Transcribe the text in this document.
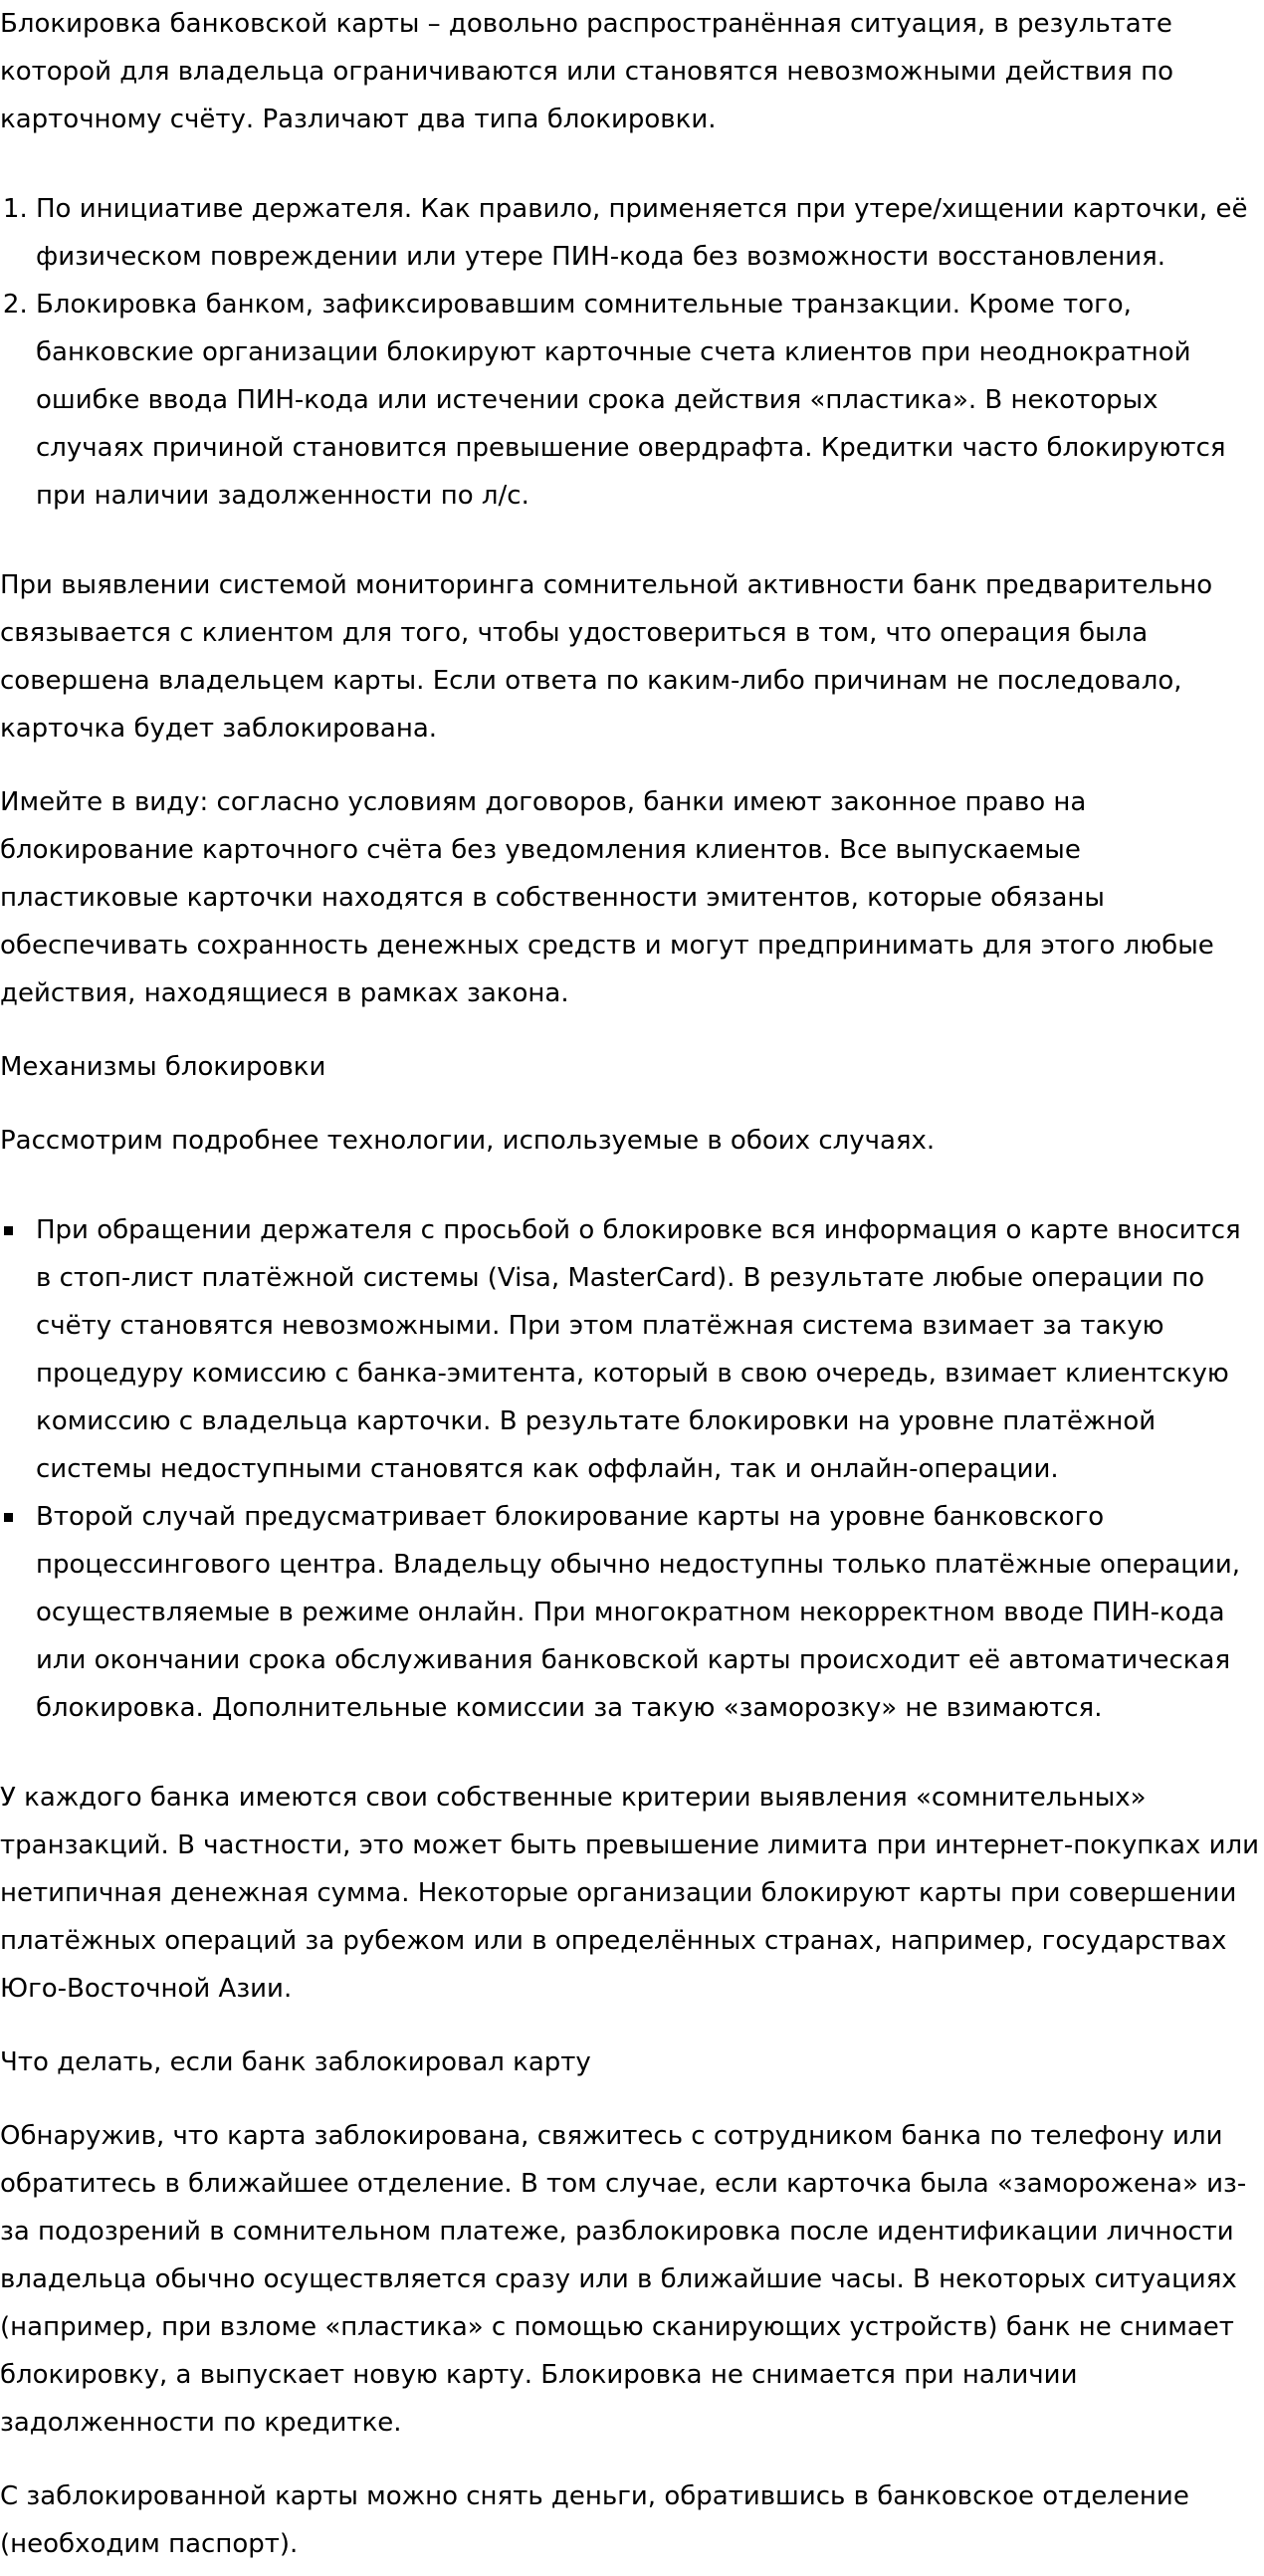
Блокировка банковской карты – довольно распространённая ситуация, в результате которой для владельца ограничиваются или становятся невозможными действия по карточному счёту. Различают два типа блокировки.

1. По инициативе держателя. Как правило, применяется при утере/хищении карточки, её физическом повреждении или утере ПИН-кода без возможности восстановления.
2. Блокировка банком, зафиксировавшим сомнительные транзакции. Кроме того, банковские организации блокируют карточные счета клиентов при неоднократной ошибке ввода ПИН-кода или истечении срока действия «пластика». В некоторых случаях причиной становится превышение овердрафта. Кредитки часто блокируются при наличии задолженности по л/с.

При выявлении системой мониторинга сомнительной активности банк предварительно связывается с клиентом для того, чтобы удостовериться в том, что операция была совершена владельцем карты. Если ответа по каким-либо причинам не последовало, карточка будет заблокирована.

Имейте в виду: согласно условиям договоров, банки имеют законное право на блокирование карточного счёта без уведомления клиентов. Все выпускаемые пластиковые карточки находятся в собственности эмитентов, которые обязаны обеспечивать сохранность денежных средств и могут предпринимать для этого любые действия, находящиеся в рамках закона.

Механизмы блокировки

Рассмотрим подробнее технологии, используемые в обоих случаях.

При обращении держателя с просьбой о блокировке вся информация о карте вносится в стоп-лист платёжной системы (Visa, MasterCard). В результате любые операции по счёту становятся невозможными. При этом платёжная система взимает за такую процедуру комиссию с банка-эмитента, который в свою очередь, взимает клиентскую комиссию с владельца карточки. В результате блокировки на уровне платёжной системы недоступными становятся как оффлайн, так и онлайн-операции.
Второй случай предусматривает блокирование карты на уровне банковского процессингового центра. Владельцу обычно недоступны только платёжные операции, осуществляемые в режиме онлайн. При многократном некорректном вводе ПИН-кода или окончании срока обслуживания банковской карты происходит её автоматическая блокировка. Дополнительные комиссии за такую «заморозку» не взимаются.

У каждого банка имеются свои собственные критерии выявления «сомнительных» транзакций. В частности, это может быть превышение лимита при интернет-покупках или нетипичная денежная сумма. Некоторые организации блокируют карты при совершении платёжных операций за рубежом или в определённых странах, например, государствах Юго-Восточной Азии.

Что делать, если банк заблокировал карту

Обнаружив, что карта заблокирована, свяжитесь с сотрудником банка по телефону или обратитесь в ближайшее отделение. В том случае, если карточка была «заморожена» из-за подозрений в сомнительном платеже, разблокировка после идентификации личности владельца обычно осуществляется сразу или в ближайшие часы. В некоторых ситуациях (например, при взломе «пластика» с помощью сканирующих устройств) банк не снимает блокировку, а выпускает новую карту. Блокировка не снимается при наличии задолженности по кредитке.

С заблокированной карты можно снять деньги, обратившись в банковское отделение (необходим паспорт).
